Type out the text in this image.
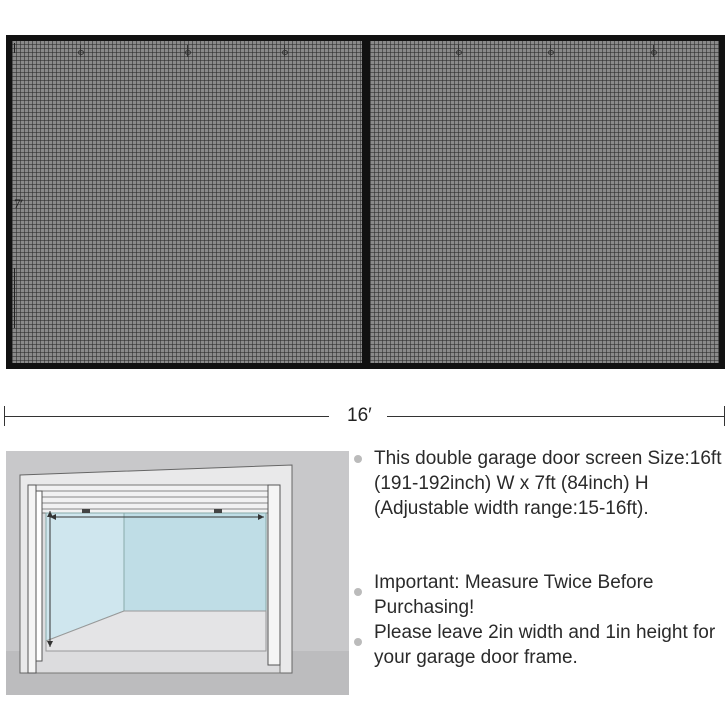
7′
16′
This double garage door screen Size:16ft (191-192inch) W x 7ft (84inch) H (Adjustable width range:15-16ft).
Important: Measure Twice Before Purchasing!
Please leave 2in width and 1in height for your garage door frame.
